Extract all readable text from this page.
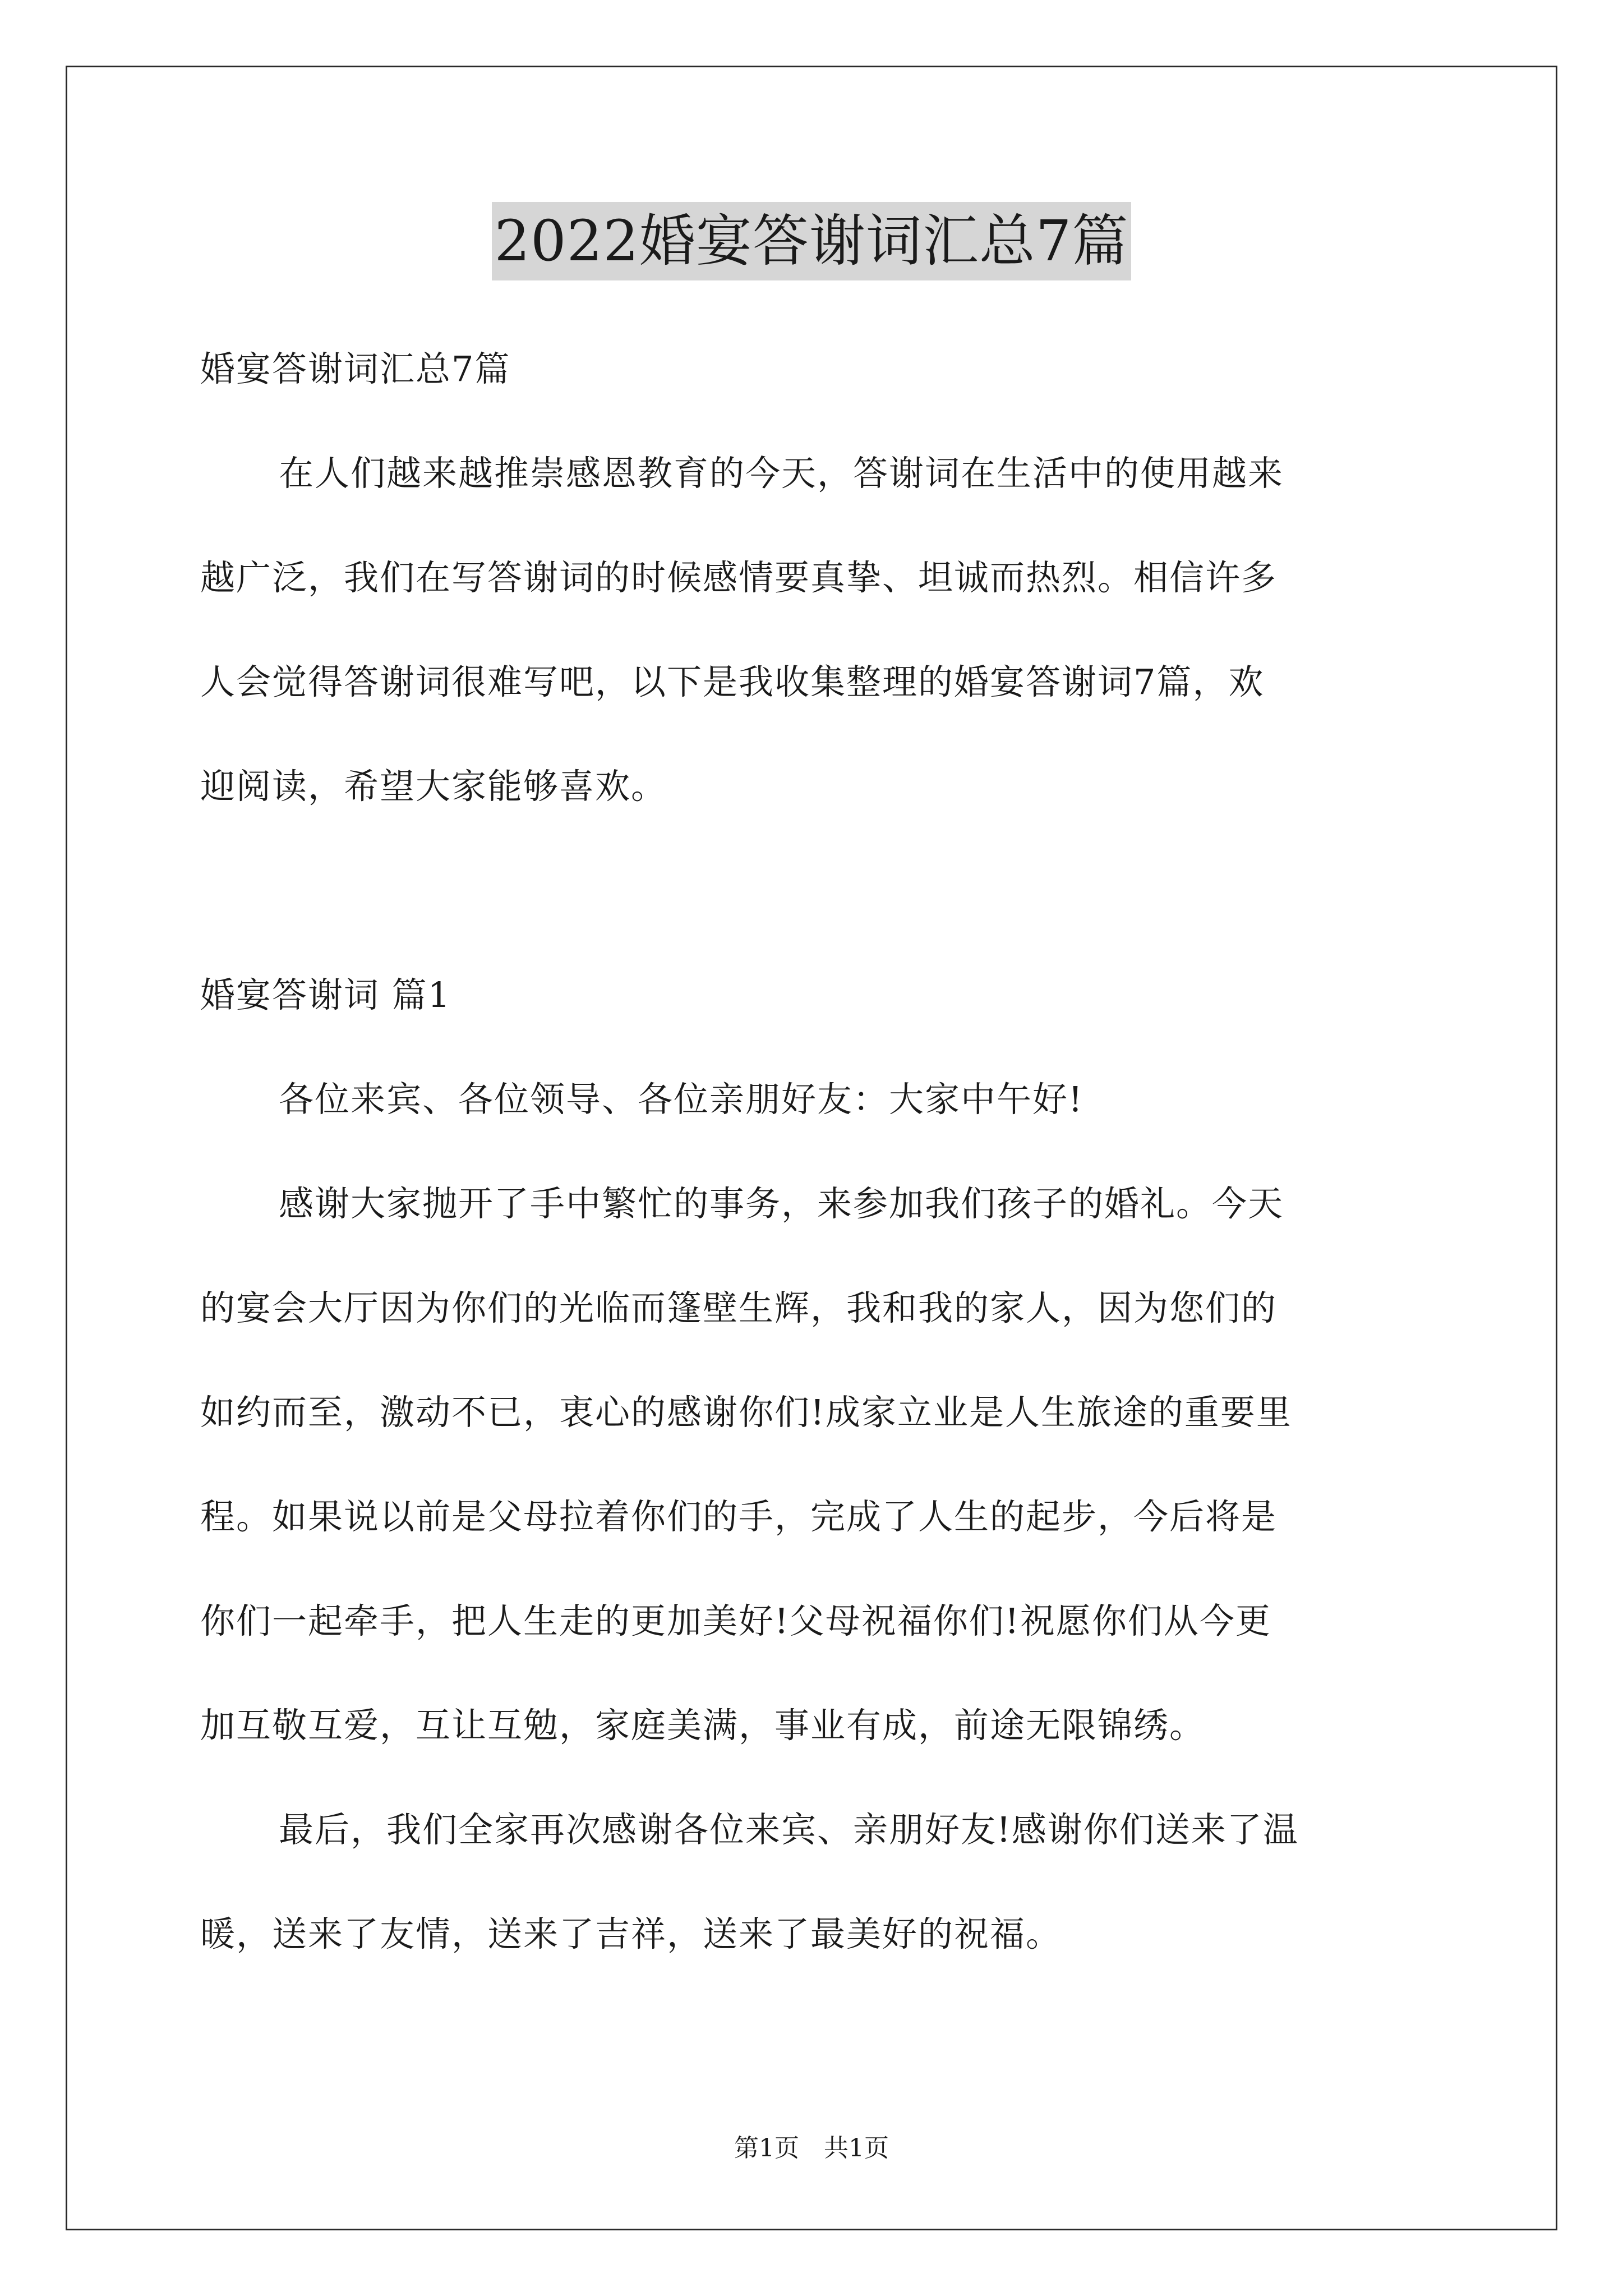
2022婚宴答谢词汇总7篇
婚宴答谢词汇总7篇
在人们越来越推崇感恩教育的今天，答谢词在生活中的使用越来
越广泛，我们在写答谢词的时候感情要真挚、坦诚而热烈。相信许多
人会觉得答谢词很难写吧，以下是我收集整理的婚宴答谢词7篇，欢
迎阅读，希望大家能够喜欢。
婚宴答谢词 篇1
各位来宾、各位领导、各位亲朋好友：大家中午好!
感谢大家抛开了手中繁忙的事务，来参加我们孩子的婚礼。今天
的宴会大厅因为你们的光临而篷壁生辉，我和我的家人，因为您们的
如约而至，激动不已，衷心的感谢你们!成家立业是人生旅途的重要里
程。如果说以前是父母拉着你们的手，完成了人生的起步，今后将是
你们一起牵手，把人生走的更加美好!父母祝福你们!祝愿你们从今更
加互敬互爱，互让互勉，家庭美满，事业有成，前途无限锦绣。
最后，我们全家再次感谢各位来宾、亲朋好友!感谢你们送来了温
暖，送来了友情，送来了吉祥，送来了最美好的祝福。
第1页　共1页
